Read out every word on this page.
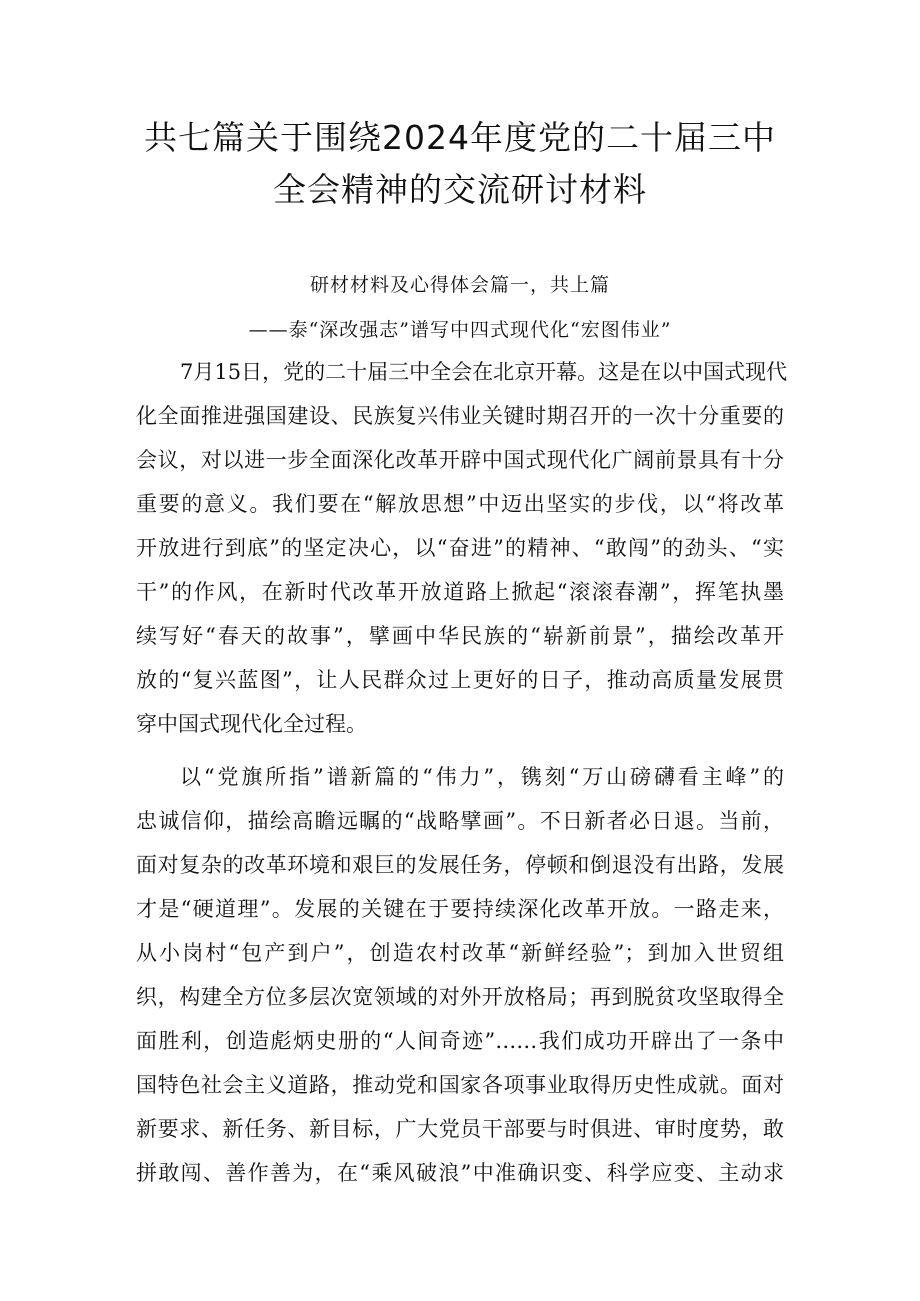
共七篇关于围绕2024年度党的二十届三中
全会精神的交流研讨材料
研材材料及心得体会篇一，共上篇
——泰“深改强志”谱写中四式现代化“宏图伟业”
7月15日，党的二十届三中全会在北京开幕。这是在以中国式现代
化全面推进强国建设、民族复兴伟业关键时期召开的一次十分重要的
会议，对以进一步全面深化改革开辟中国式现代化广阔前景具有十分
重要的意义。我们要在“解放思想”中迈出坚实的步伐，以“将改革
开放进行到底”的坚定决心，以“奋进”的精神、“敢闯”的劲头、“实
干”的作风，在新时代改革开放道路上掀起“滚滚春潮”，挥笔执墨
续写好“春天的故事”，擘画中华民族的“崭新前景”，描绘改革开
放的“复兴蓝图”，让人民群众过上更好的日子，推动高质量发展贯
穿中国式现代化全过程。
以“党旗所指”谱新篇的“伟力”，镌刻“万山磅礴看主峰”的
忠诚信仰，描绘高瞻远瞩的“战略擘画”。不日新者必日退。当前，
面对复杂的改革环境和艰巨的发展任务，停顿和倒退没有出路，发展
才是“硬道理”。发展的关键在于要持续深化改革开放。一路走来，
从小岗村“包产到户”，创造农村改革“新鲜经验”；到加入世贸组
织，构建全方位多层次宽领域的对外开放格局；再到脱贫攻坚取得全
面胜利，创造彪炳史册的“人间奇迹”……我们成功开辟出了一条中
国特色社会主义道路，推动党和国家各项事业取得历史性成就。面对
新要求、新任务、新目标，广大党员干部要与时俱进、审时度势，敢
拼敢闯、善作善为，在“乘风破浪”中准确识变、科学应变、主动求
